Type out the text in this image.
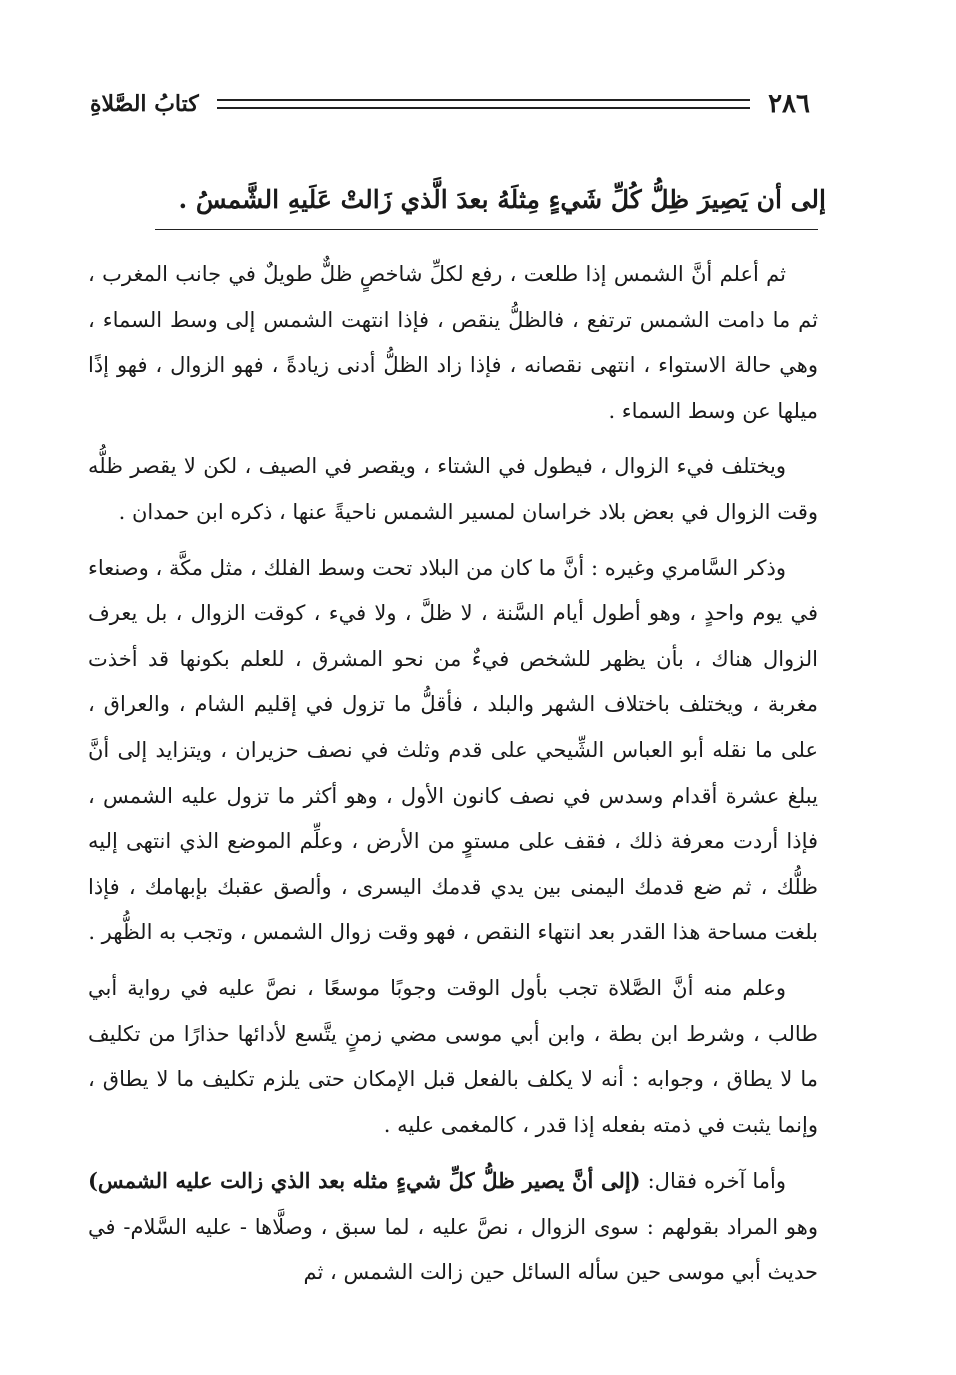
٢٨٦
كتابُ الصَّلاةِ
إلى أن يَصِيرَ ظِلُّ كُلِّ شَيءٍ مِثلَهُ بعدَ الَّذي زَالتْ عَلَيهِ الشَّمسُ .

ثم أعلم أنَّ الشمس إذا طلعت ، رفع لكلِّ شاخصٍ ظلٌّ طويلٌ في جانب المغرب ، ثم ما دامت الشمس ترتفع ، فالظلُّ ينقص ، فإذا انتهت الشمس إلى وسط السماء ، وهي حالة الاستواء ، انتهى نقصانه ، فإذا زاد الظلُّ أدنى زيادةً ، فهو الزوال ، فهو إذًا ميلها عن وسط السماء .

ويختلف فيء الزوال ، فيطول في الشتاء ، ويقصر في الصيف ، لكن لا يقصر ظلُّه وقت الزوال في بعض بلاد خراسان لمسير الشمس ناحيةً عنها ، ذكره ابن حمدان .

وذكر السَّامري وغيره : أنَّ ما كان من البلاد تحت وسط الفلك ، مثل مكَّة ، وصنعاء في يوم واحدٍ ، وهو أطول أيام السَّنة ، لا ظلَّ ، ولا فيء ، كوقت الزوال ، بل يعرف الزوال هناك ، بأن يظهر للشخص فيءٌ من نحو المشرق ، للعلم بكونها قد أخذت مغربة ، ويختلف باختلاف الشهر والبلد ، فأقلُّ ما تزول في إقليم الشام ، والعراق ، على ما نقله أبو العباس الشِّيحي على قدم وثلث في نصف حزيران ، ويتزايد إلى أنَّ يبلغ عشرة أقدام وسدس في نصف كانون الأول ، وهو أكثر ما تزول عليه الشمس ، فإذا أردت معرفة ذلك ، فقف على مستوٍ من الأرض ، وعلِّم الموضع الذي انتهى إليه ظلُّك ، ثم ضع قدمك اليمنى بين يدي قدمك اليسرى ، وألصق عقبك بإبهامك ، فإذا بلغت مساحة هذا القدر بعد انتهاء النقص ، فهو وقت زوال الشمس ، وتجب به الظُّهر .

وعلم منه أنَّ الصَّلاة تجب بأول الوقت وجوبًا موسعًا ، نصَّ عليه في رواية أبي طالب ، وشرط ابن بطة ، وابن أبي موسى مضي زمنٍ يتَّسع لأدائها حذارًا من تكليف ما لا يطاق ، وجوابه : أنه لا يكلف بالفعل قبل الإمكان حتى يلزم تكليف ما لا يطاق ، وإنما يثبت في ذمته بفعله إذا قدر ، كالمغمى عليه .

وأما آخره فقال: (إلى أنَّ يصير ظلُّ كلِّ شيءٍ مثله بعد الذي زالت عليه الشمس) وهو المراد بقولهم : سوى الزوال ، نصَّ عليه ، لما سبق ، وصلَّاها - عليه السَّلام- في حديث أبي موسى حين سأله السائل حين زالت الشمس ، ثم
